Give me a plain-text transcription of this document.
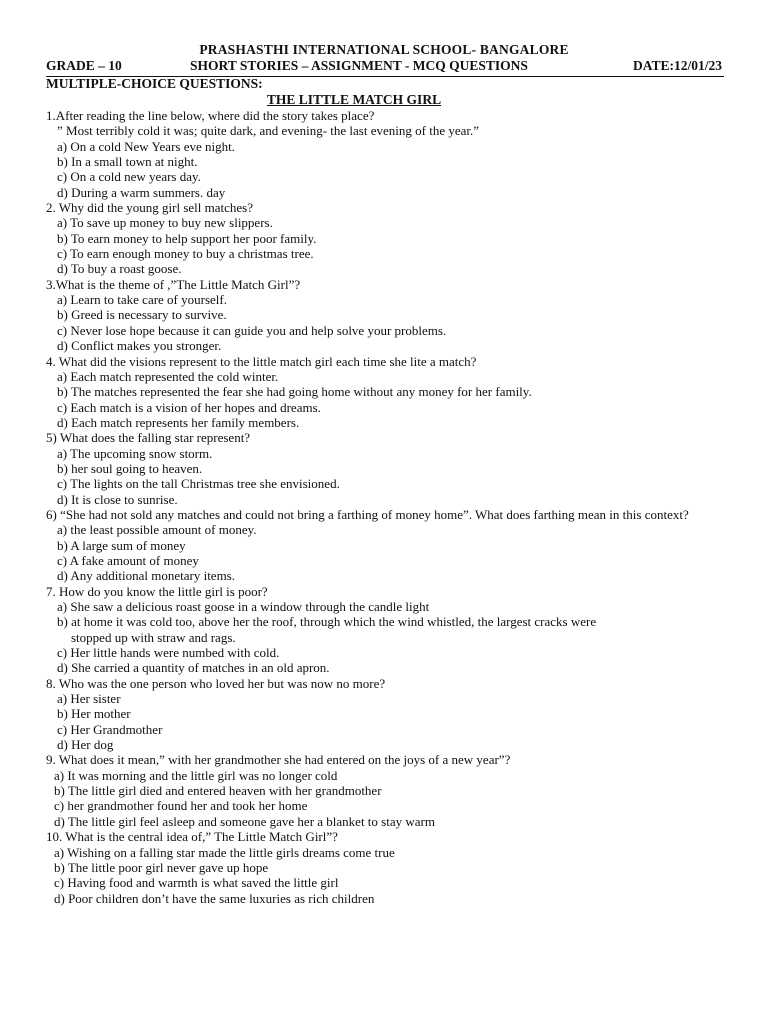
PRASHASTHI INTERNATIONAL SCHOOL- BANGALORE
GRADE – 10	SHORT STORIES – ASSIGNMENT - MCQ QUESTIONS	DATE:12/01/23
MULTIPLE-CHOICE QUESTIONS:
THE LITTLE MATCH GIRL

1.After reading the line below, where did the story takes place?

” Most terribly cold it was; quite dark, and evening- the last evening of the year.”

a) On a cold New Years eve night.

b) In a small town at night.

c) On a cold new years day.

d) During a warm summers. day

2. Why did the young girl sell matches?

a) To save up money to buy new slippers.

b) To earn money to help support her poor family.

c) To earn enough money to buy a christmas tree.

d) To buy a roast goose.

3.What is the theme of ,”The Little Match Girl”?

a) Learn to take care of yourself.

b) Greed is necessary to survive.

c) Never lose hope because it can guide you and help solve your problems.

d) Conflict makes you stronger.

4. What did the visions represent to the little match girl each time she lite a match?

a) Each match represented the cold winter.

b) The matches represented the fear she had going home without any money for her family.

c) Each match is a vision of her hopes and dreams.

d) Each match represents her family members.

5) What does the falling star represent?

a) The upcoming snow storm.

b) her soul going to heaven.

c) The lights on the tall Christmas tree she envisioned.

d) It is close to sunrise.

6) “She had not sold any matches and could not bring a farthing of money home”. What does farthing mean in this context?

a) the least possible amount of money.

b) A large sum of money

c) A fake amount of money

d) Any additional monetary items.

7. How do you know the little girl is poor?

a) She saw a delicious roast goose in a window through the candle light

b) at home it was cold too, above her the roof, through which the wind whistled, the largest cracks were

stopped up with straw and rags.

c) Her little hands were numbed with cold.

d) She carried a quantity of matches in an old apron.

8. Who was the one person who loved her but was now no more?

a) Her sister

b) Her mother

c) Her Grandmother

d) Her dog

9. What does it mean,” with her grandmother she had entered on the joys of a new year”?

a) It was morning and the little girl was no longer cold

b) The little girl died and entered heaven with her grandmother

c) her grandmother found her and took her home

d) The little girl feel asleep and someone gave her a blanket to stay warm

10. What is the central idea of,” The Little Match Girl”?

a) Wishing on a falling star made the little girls dreams come true

b) The little poor girl never gave up hope

c) Having food and warmth is what saved the little girl

d) Poor children don’t have the same luxuries as rich children
